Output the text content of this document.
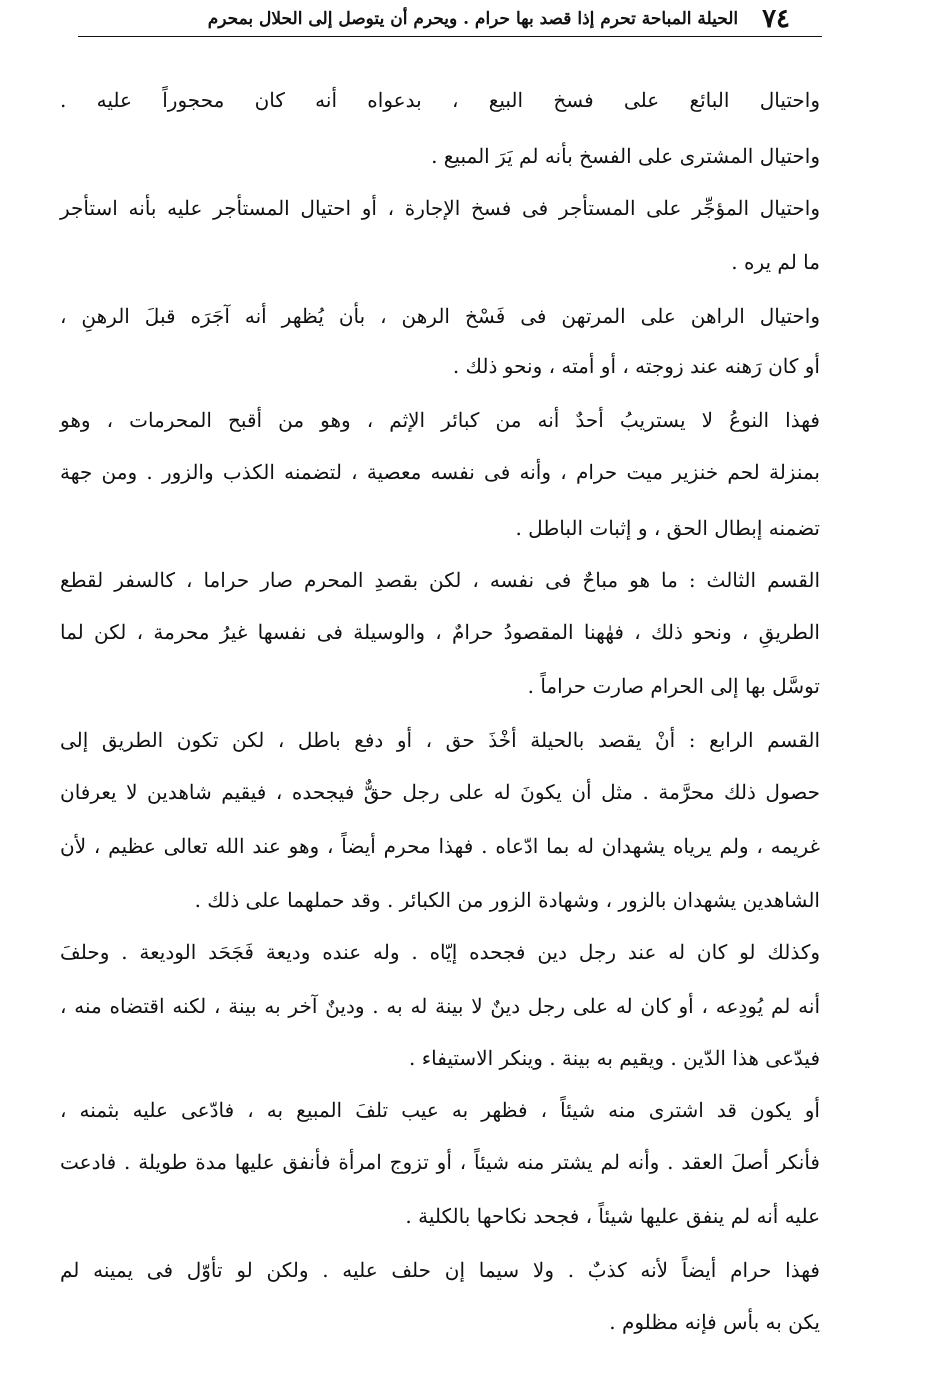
٧٤ الحيلة المباحة تحرم إذا قصد بها حرام . ويحرم أن يتوصل إلى الحلال بمحرم
واحتيال البائع على فسخ البيع ، بدعواه أنه كان محجوراً عليه .
واحتيال المشترى على الفسخ بأنه لم يَرَ المبيع .
واحتيال المؤجِّر على المستأجر فى فسخ الإجارة ، أو احتيال المستأجر عليه بأنه استأجر
ما لم يره .
واحتيال الراهن على المرتهن فى فَسْخ الرهن ، بأن يُظهر أنه آجَرَه قبلَ الرهنِ ،
أو كان رَهنه عند زوجته ، أو أمته ، ونحو ذلك .
فهذا النوعُ لا يستريبُ أحدٌ أنه من كبائر الإثم ، وهو من أقبح المحرمات ، وهو
بمنزلة لحم خنزير ميت حرام ، وأنه فى نفسه معصية ، لتضمنه الكذب والزور . ومن جهة
تضمنه إبطال الحق ، و إثبات الباطل .
القسم الثالث : ما هو مباحٌ فى نفسه ، لكن بقصدِ المحرم صار حراما ، كالسفر لقطع
الطريقِ ، ونحو ذلك ، فهٰهنا المقصودُ حرامٌ ، والوسيلة فى نفسها غيرُ محرمة ، لكن لما
توسَّل بها إلى الحرام صارت حراماً .
القسم الرابع : أنْ يقصد بالحيلة أخْذَ حق ، أو دفع باطل ، لكن تكون الطريق إلى
حصول ذلك محرَّمة . مثل أن يكونَ له على رجل حقٌّ فيجحده ، فيقيم شاهدين لا يعرفان
غريمه ، ولم يرياه يشهدان له بما ادّعاه . فهذا محرم أيضاً ، وهو عند الله تعالى عظيم ، لأن
الشاهدين يشهدان بالزور ، وشهادة الزور من الكبائر . وقد حملهما على ذلك .
وكذلك لو كان له عند رجل دين فجحده إيّاه . وله عنده وديعة فَجَحَد الوديعة . وحلفَ
أنه لم يُودِعه ، أو كان له على رجل دينٌ لا بينة له به . ودينٌ آخر به بينة ، لكنه اقتضاه منه ،
فيدّعى هذا الدّين . ويقيم به بينة . وينكر الاستيفاء .
أو يكون قد اشترى منه شيئاً ، فظهر به عيب تلفَ المبيع به ، فادّعى عليه بثمنه ،
فأنكر أصلَ العقد . وأنه لم يشتر منه شيئاً ، أو تزوج امرأة فأنفق عليها مدة طويلة . فادعت
عليه أنه لم ينفق عليها شيئاً ، فجحد نكاحها بالكلية .
فهذا حرام أيضاً لأنه كذبٌ . ولا سيما إن حلف عليه . ولكن لو تأوّل فى يمينه لم
يكن به بأس فإنه مظلوم .
